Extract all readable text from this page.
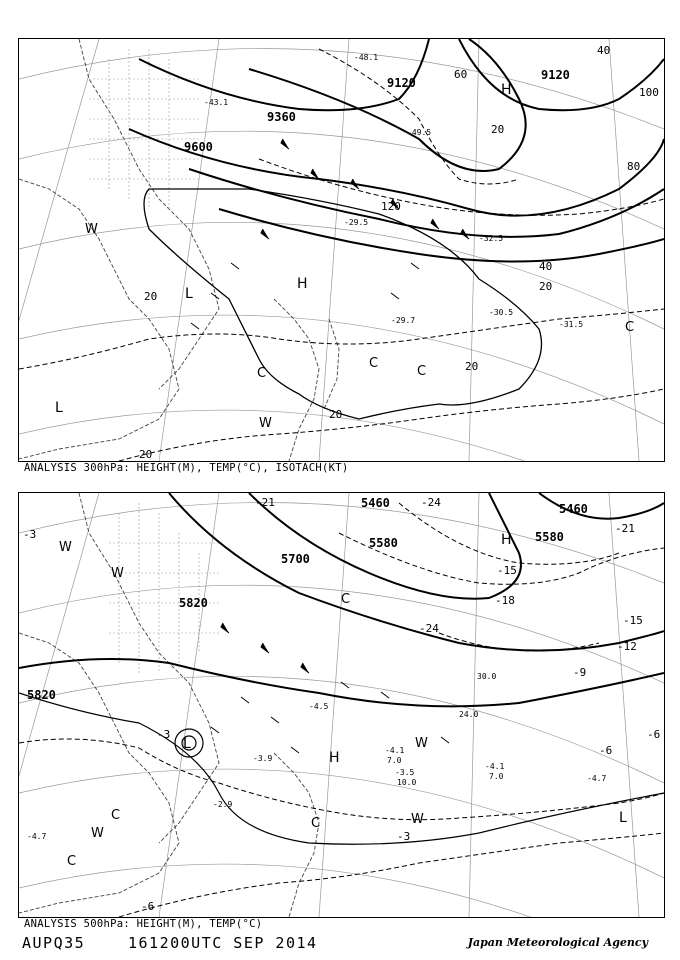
9120
9120
9360
9600
20
20
20
20
20
20
40
40
60
80
100
120
-29.5
-30.5
-31.5
-29.7
-43.1
-48.1
-49.5
-32.5
H
H
L
L
C
C
C
C
W
W
ANALYSIS 300hPa: HEIGHT(M), TEMP(°C), ISOTACH(KT)
5460	5460
5580	5580
5700
5820
5820
-3
-3
-3
-6
-6
-6
-9
-12
-15
-15
-18
-21
-21
-24
-24
-3.9
-4.1
-4.1
-4.5
-4.7
-4.7
-2.9
-3.5
7.0
7.0
10.0
24.0
30.0
H
H
L
L
C
C
C
C
W
W
W
W
W
ANALYSIS 500hPa: HEIGHT(M), TEMP(°C)
AUPQ35	161200UTC SEP 2014	Japan Meteorological Agency
